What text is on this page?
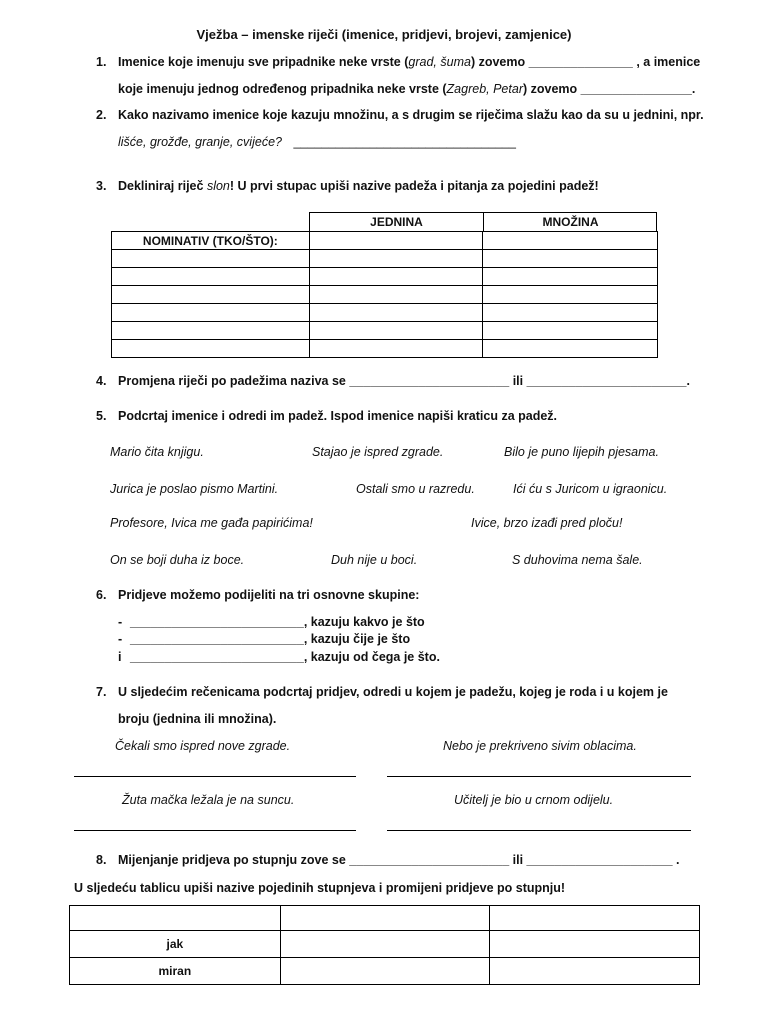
Vježba – imenske riječi (imenice, pridjevi, brojevi, zamjenice)
1. Imenice koje imenuju sve pripadnike neke vrste (grad, šuma) zovemo _______________ , a imenice
koje imenuju jednog određenog pripadnika neke vrste (Zagreb, Petar) zovemo ________________.
2. Kako nazivamo imenice koje kazuju množinu, a s drugim se riječima slažu kao da su u jednini, npr.
lišće, grožđe, granje, cvijeće? ________________________________
3. Dekliniraj riječ slon! U prvi stupac upiši nazive padeža i pitanja za pojedini padež!
JEDNINA	MNOŽINA
NOMINATIV (TKO/ŠTO):		

4. Promjena riječi po padežima naziva se _______________________ ili _______________________.
5. Podcrtaj imenice i odredi im padež. Ispod imenice napiši kraticu za padež.
Mario čita knjigu.	Stajao je ispred zgrade.	Bilo je puno lijepih pjesama.
Jurica je poslao pismo Martini.	Ostali smo u razredu.	Ići ću s Juricom u igraonicu.
Profesore, Ivica me gađa papirićima!	Ivice, brzo izađi pred ploču!
On se boji duha iz boce.	Duh nije u boci.	S duhovima nema šale.
6. Pridjeve možemo podijeliti na tri osnovne skupine:
- _________________________, kazuju kakvo je što
- _________________________, kazuju čije je što
i _________________________, kazuju od čega je što.
7. U sljedećim rečenicama podcrtaj pridjev, odredi u kojem je padežu, kojeg je roda i u kojem je
broju (jednina ili množina).
Čekali smo ispred nove zgrade.	Nebo je prekriveno sivim oblacima.
Žuta mačka ležala je na suncu.	Učitelj je bio u crnom odijelu.
8. Mijenjanje pridjeva po stupnju zove se _______________________ ili _____________________ .
U sljedeću tablicu upiši nazive pojedinih stupnjeva i promijeni pridjeve po stupnju!

jak		
miran		
